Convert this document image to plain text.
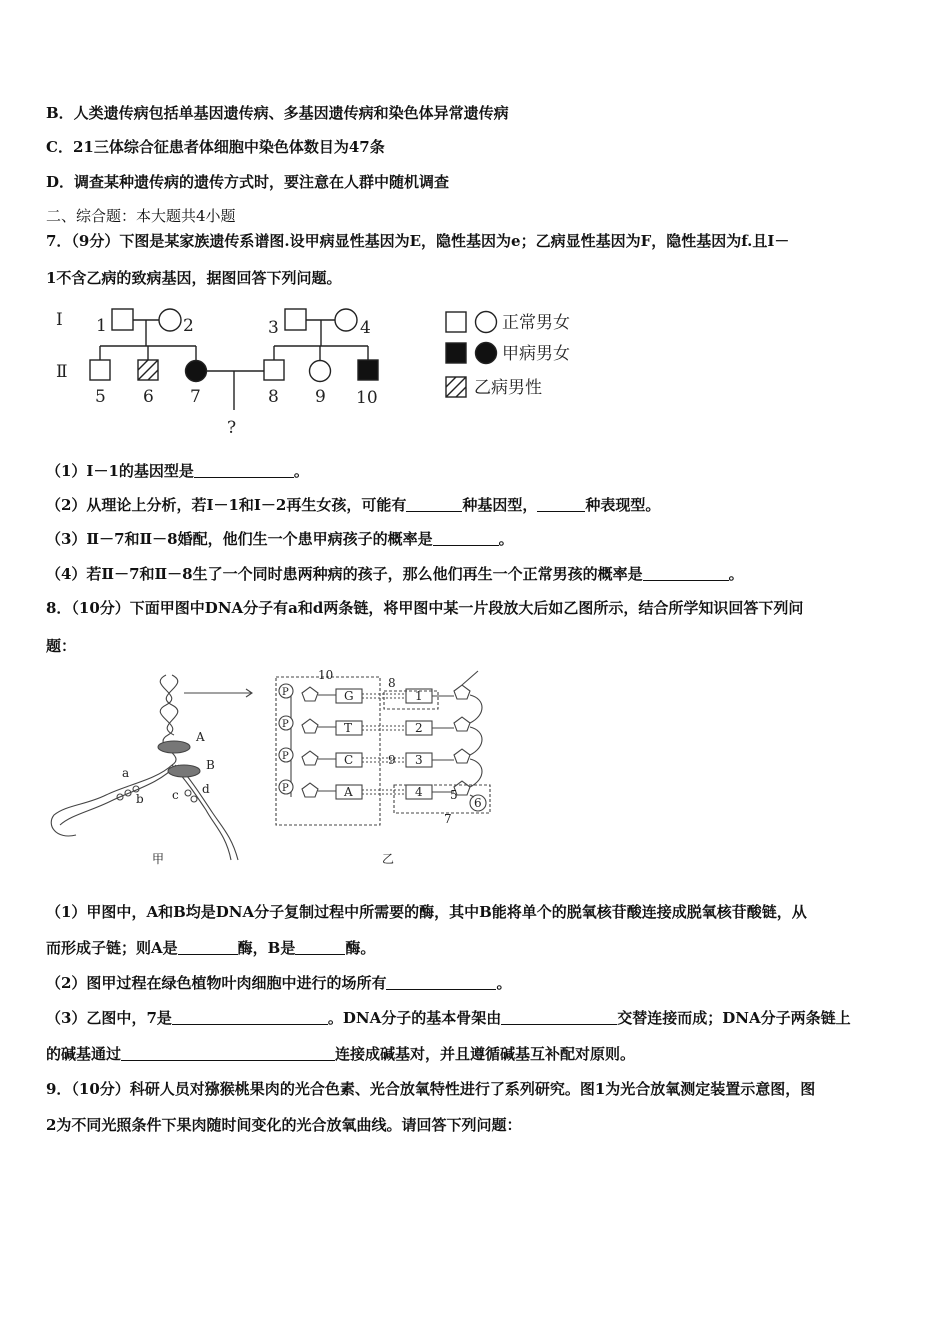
B．人类遗传病包括单基因遗传病、多基因遗传病和染色体异常遗传病
C．21三体综合征患者体细胞中染色体数目为47条
D．调查某种遗传病的遗传方式时，要注意在人群中随机调查
二、综合题：本大题共4小题
7．（9分）下图是某家族遗传系谱图.设甲病显性基因为E，隐性基因为e；乙病显性基因为F，隐性基因为f.且Ⅰ－
1不含乙病的致病基因，据图回答下列问题。
Ⅰ
Ⅱ
1	2	3	4
5 6 7	8 9 10
?
正常男女
甲病男女
乙病男性
（1）Ⅰ－1的基因型是	。
（2）从理论上分析，若Ⅰ－1和Ⅰ－2再生女孩，可能有	种基因型，	种表现型。
（3）Ⅱ－7和Ⅱ－8婚配，他们生一个患甲病孩子的概率是	。
（4）若Ⅱ－7和Ⅱ－8生了一个同时患两种病的孩子，那么他们再生一个正常男孩的概率是	。
8．（10分）下面甲图中DNA分子有a和d两条链，将甲图中某一片段放大后如乙图所示，结合所学知识回答下列问
题：
A
B
a
b c d
P
P
P
P
G
T
C
A
1
2
3
4
10
8
9
5
6
7
甲	乙
（1）甲图中，A和B均是DNA分子复制过程中所需要的酶，其中B能将单个的脱氧核苷酸连接成脱氧核苷酸链，从
而形成子链；则A是	酶，B是	酶。
（2）图甲过程在绿色植物叶肉细胞中进行的场所有	。
（3）乙图中，7是	。DNA分子的基本骨架由	交替连接而成；DNA分子两条链上
的碱基通过	连接成碱基对，并且遵循碱基互补配对原则。
9．（10分）科研人员对猕猴桃果肉的光合色素、光合放氧特性进行了系列研究。图1为光合放氧测定装置示意图，图
2为不同光照条件下果肉随时间变化的光合放氧曲线。请回答下列问题：
